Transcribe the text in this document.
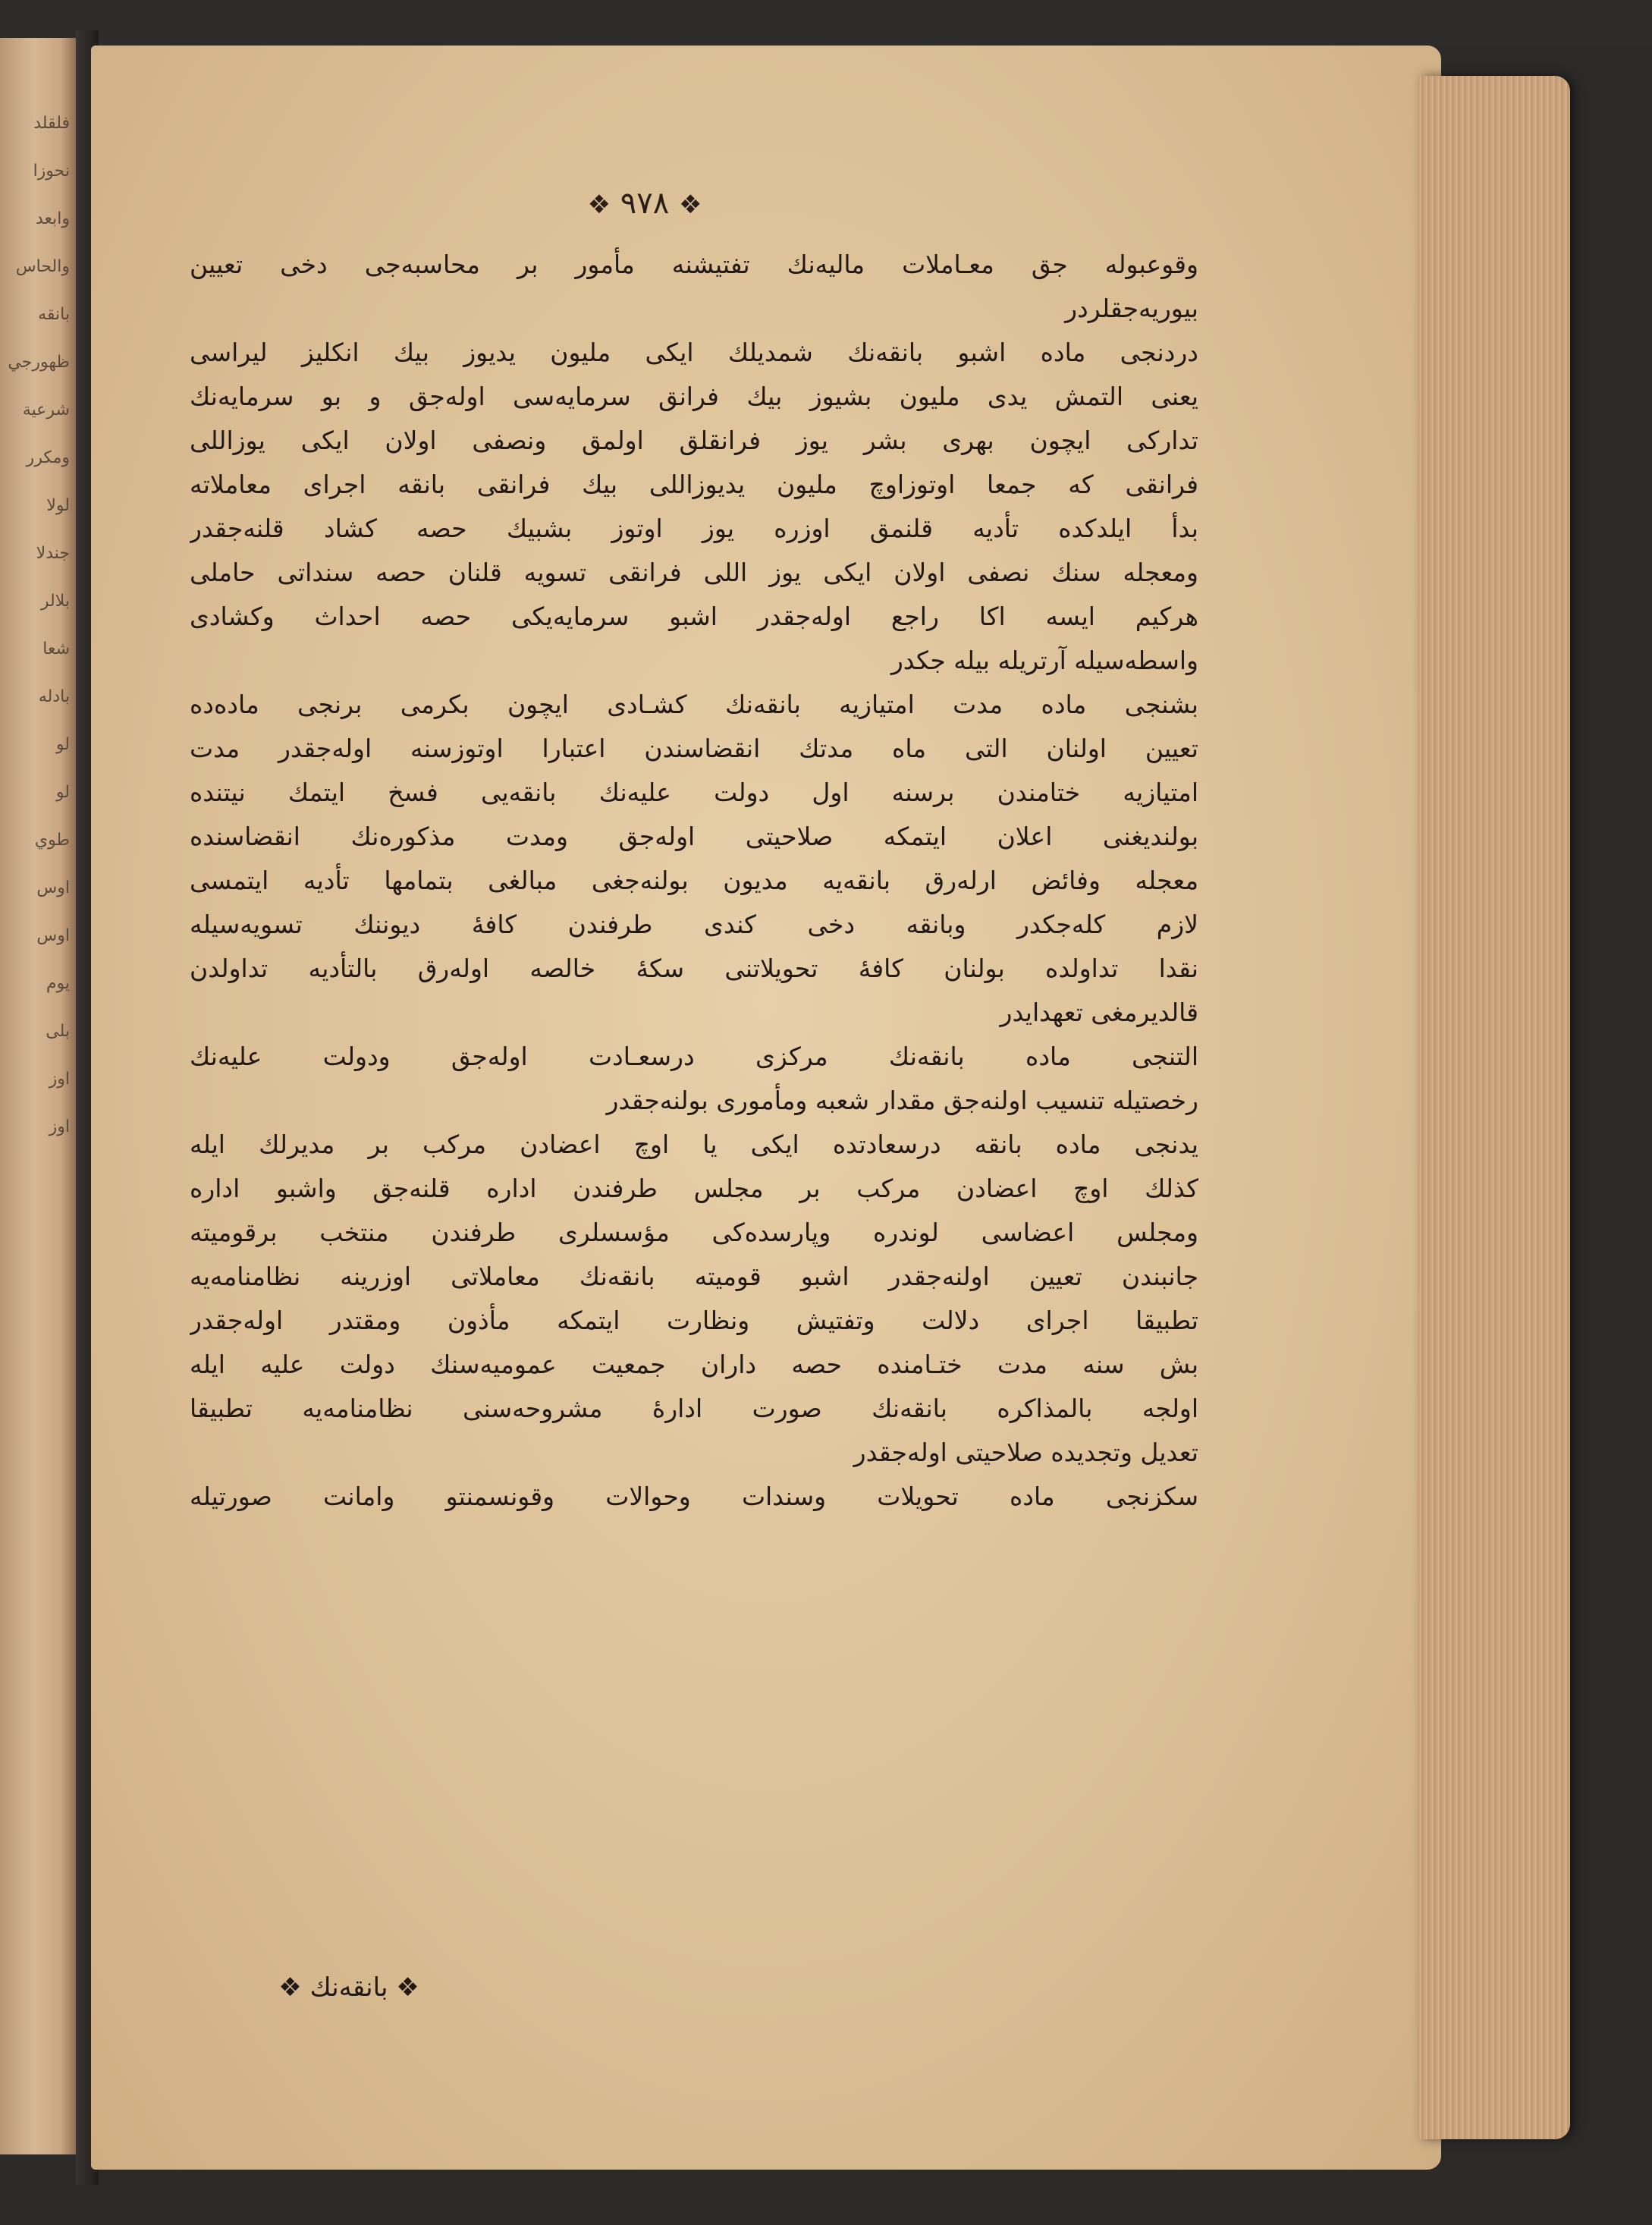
فلقلد
نحوزا
وابعد
والحاس
بانقه
ظهورجي
شرعية
ومكرر
لولا
جندلا
بلالر
شعا
بادله
لو
لو
طوي
اوس
اوس
يوم
بلى
اوز
اوز
❖ ٩٧٨ ❖
وقوعبوله جق معـاملات ماليه‌نك تفتيشنه مأمور بر محاسبه‌جى دخى تعيين
بيوريه‌جقلردر
دردنجى ماده اشبو بانقه‌نك شمديلك ايكى مليون يديوز بيك انكليز ليراسى
يعنى التمش يدى مليون بشيوز بيك فرانق سرمايه‌سى اوله‌جق و بو سرمايه‌نك
تداركى ايچون بهرى بشر يوز فرانقلق اولمق ونصفى اولان ايكى يوزاللى
فرانقى كه جمعا اوتوزاوچ مليون يديوزاللى بيك فرانقى بانقه اجراى معاملاته
بدأ ايلدكده تأديه قلنمق اوزره يوز اوتوز بشبيك حصه كشاد قلنه‌جقدر
ومعجله سنك نصفى اولان ايكى يوز اللى فرانقى تسويه قلنان حصه سنداتى حاملى
هركيم ايسه اكا راجع اوله‌جقدر اشبو سرمايه‌يكى حصه احداث وكشادى
واسطه‌سيله آرتريله بيله جكدر
بشنجى ماده مدت امتيازيه بانقه‌نك كشـادى ايچون بكرمى برنجى ماده‌ده
تعيين اولنان التى ماه مدتك انقضاسندن اعتبارا اوتوزسنه اوله‌جقدر مدت
امتيازيه ختامندن برسنه اول دولت عليه‌نك بانقه‌يى فسخ ايتمك نيتنده
بولنديغنى اعلان ايتمكه صلاحيتى اوله‌جق ومدت مذكوره‌نك انقضاسنده
معجله وفائض ارله‌رق بانقه‌يه مديون بولنه‌جغى مبالغى بتمامها تأديه ايتمسى
لازم كله‌جكدر وبانقه دخى كندى طرفندن كافهٔ ديوننك تسويه‌سيله
نقدا تداولده بولنان كافهٔ تحويلاتنى سكهٔ خالصه اوله‌رق بالتأديه تداولدن
قالديرمغى تعهدايدر
التنجى ماده بانقه‌نك مركزى درسعـادت اوله‌جق ودولت عليه‌نك
رخصتيله تنسيب اولنه‌جق مقدار شعبه ومأمورى بولنه‌جقدر
يدنجى ماده بانقه درسعادتده ايكى يا اوچ اعضادن مركب بر مديرلك ايله
كذلك اوچ اعضادن مركب بر مجلس طرفندن اداره قلنه‌جق واشبو اداره
ومجلس اعضاسى لوندره وپارسده‌كى مؤسسلرى طرفندن منتخب برقوميته
جانبندن تعيين اولنه‌جقدر اشبو قوميته بانقه‌نك معاملاتى اوزرينه نظامنامه‌يه
تطبيقا اجراى دلالت وتفتيش ونظارت ايتمكه مأذون ومقتدر اوله‌جقدر
بش سنه مدت ختـامنده حصه داران جمعيت عموميه‌سنك دولت عليه ايله
اولجه بالمذاكره بانقه‌نك صورت ادارهٔ مشروحه‌سنى نظامنامه‌يه تطبيقا
تعديل وتجديده صلاحيتى اوله‌جقدر
سكزنجى ماده تحويلات وسندات وحوالات وقونسمنتو وامانت صورتيله
❖ بانقه‌نك ❖
